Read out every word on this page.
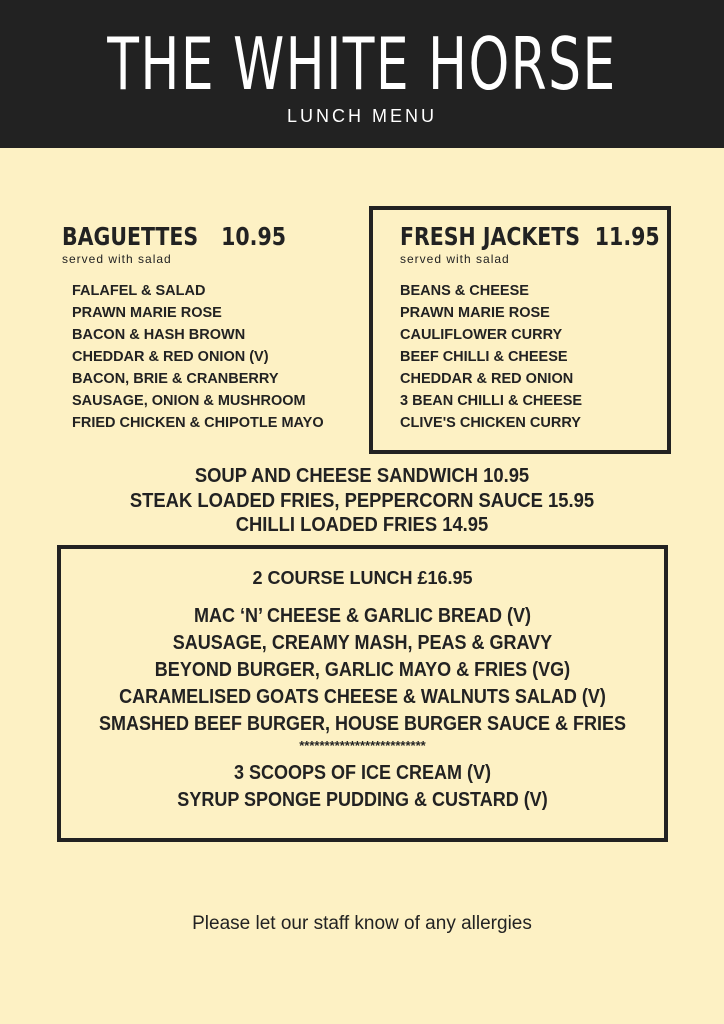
THE WHITE HORSE
LUNCH MENU
BAGUETTES 10.95
served with salad
FALAFEL & SALAD
PRAWN MARIE ROSE
BACON & HASH BROWN
CHEDDAR & RED ONION (V)
BACON, BRIE & CRANBERRY
SAUSAGE, ONION & MUSHROOM
FRIED CHICKEN & CHIPOTLE MAYO
FRESH JACKETS 11.95
served with salad
BEANS & CHEESE
PRAWN MARIE ROSE
CAULIFLOWER CURRY
BEEF CHILLI & CHEESE
CHEDDAR & RED ONION
3 BEAN CHILLI & CHEESE
CLIVE'S CHICKEN CURRY
SOUP AND CHEESE SANDWICH 10.95
STEAK LOADED FRIES, PEPPERCORN SAUCE 15.95
CHILLI LOADED FRIES 14.95
2 COURSE LUNCH £16.95
MAC ‘N’ CHEESE & GARLIC BREAD (V)
SAUSAGE, CREAMY MASH, PEAS & GRAVY
BEYOND BURGER, GARLIC MAYO & FRIES (VG)
CARAMELISED GOATS CHEESE & WALNUTS SALAD (V)
SMASHED BEEF BURGER, HOUSE BURGER SAUCE & FRIES
*************************
3 SCOOPS OF ICE CREAM (V)
SYRUP SPONGE PUDDING & CUSTARD (V)
Please let our staff know of any allergies
